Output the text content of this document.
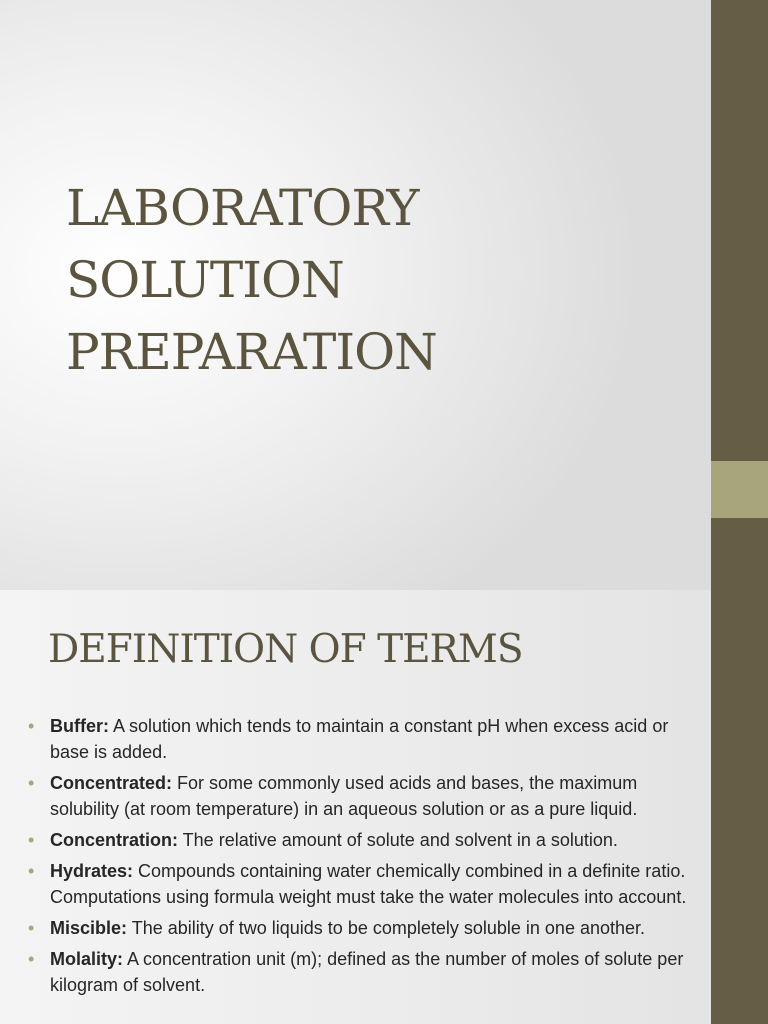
LABORATORY
SOLUTION
PREPARATION
DEFINITION OF TERMS
• Buffer: A solution which tends to maintain a constant pH when excess acid or base is added.
• Concentrated: For some commonly used acids and bases, the maximum solubility (at room temperature) in an aqueous solution or as a pure liquid.
• Concentration: The relative amount of solute and solvent in a solution.
• Hydrates: Compounds containing water chemically combined in a definite ratio. Computations using formula weight must take the water molecules into account.
• Miscible: The ability of two liquids to be completely soluble in one another.
• Molality: A concentration unit (m); defined as the number of moles of solute per kilogram of solvent.
